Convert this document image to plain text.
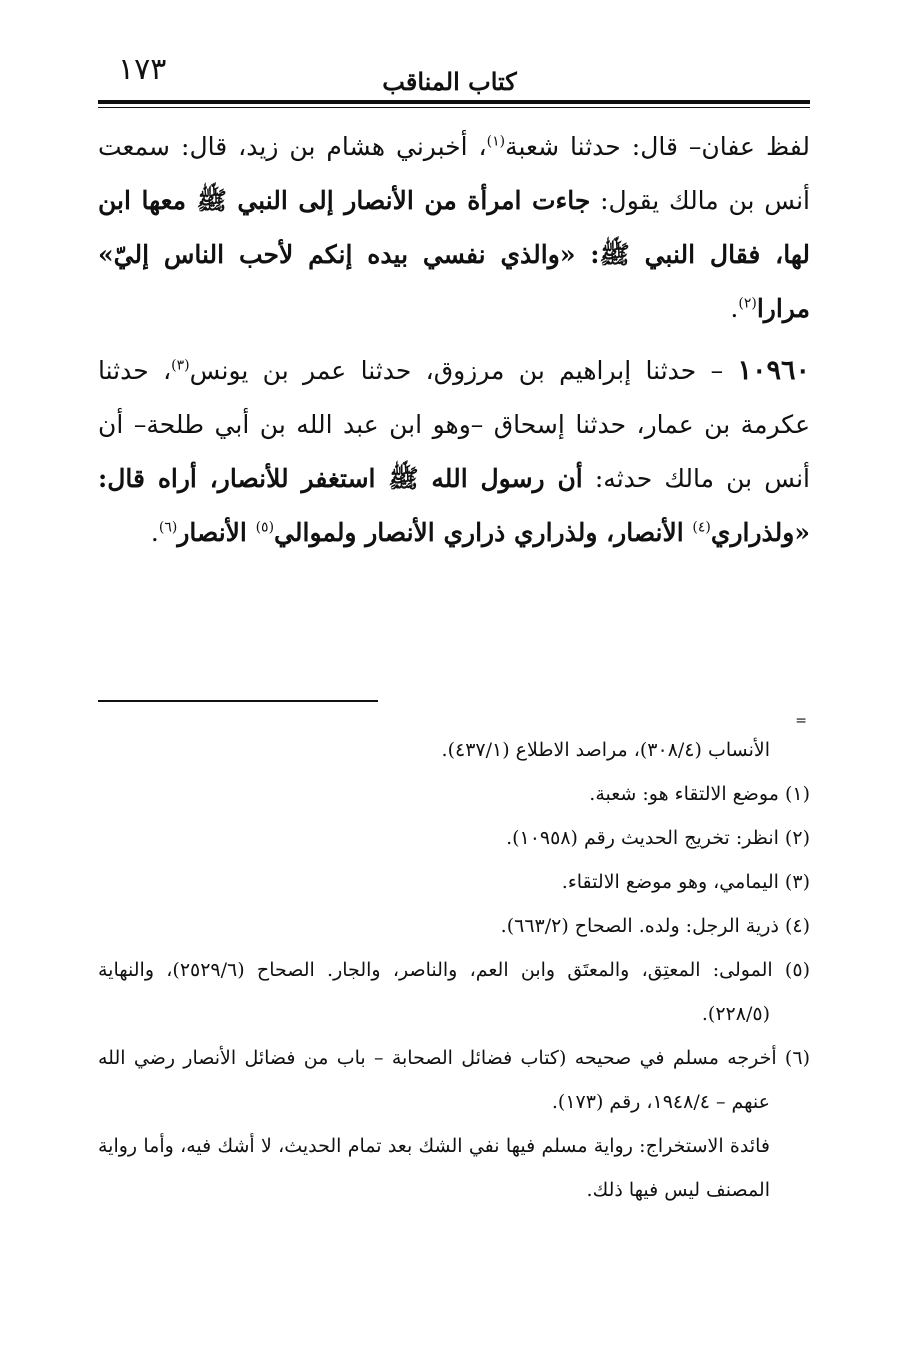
١٧٣	كتاب المناقب

لفظ عفان– قال: حدثنا شعبة$^{(١)}$، أخبرني هشام بن زيد، قال: سمعت أنس بن مالك يقول: جاءت امرأة من الأنصار إلى النبي ﷺ معها ابن لها، فقال النبي ﷺ: «والذي نفسي بيده إنكم لأحب الناس إليّ» مرارا$^{(٢)}$.

١٠٩٦٠ – حدثنا إبراهيم بن مرزوق، حدثنا عمر بن يونس$^{(٣)}$، حدثنا عكرمة بن عمار، حدثنا إسحاق –وهو ابن عبد الله بن أبي طلحة– أن أنس بن مالك حدثه: أن رسول الله ﷺ استغفر للأنصار، أراه قال: «ولذراري$^{(٤)}$ الأنصار، ولذراري ذراري الأنصار ولموالي$^{(٥)}$ الأنصار$^{(٦)}$.

=

الأنساب (٣٠٨/٤)، مراصد الاطلاع (٤٣٧/١).

(١) موضع الالتقاء هو: شعبة.

(٢) انظر: تخريج الحديث رقم (١٠٩٥٨).

(٣) اليمامي، وهو موضع الالتقاء.

(٤) ذرية الرجل: ولده. الصحاح (٦٦٣/٢).

(٥) المولى: المعتِق، والمعتَق وابن العم، والناصر، والجار. الصحاح (٢٥٢٩/٦)، والنهاية (٢٢٨/٥).

(٦) أخرجه مسلم في صحيحه (كتاب فضائل الصحابة – باب من فضائل الأنصار رضي الله عنهم – ١٩٤٨/٤، رقم (١٧٣).

فائدة الاستخراج: رواية مسلم فيها نفي الشك بعد تمام الحديث، لا أشك فيه، وأما رواية المصنف ليس فيها ذلك.
